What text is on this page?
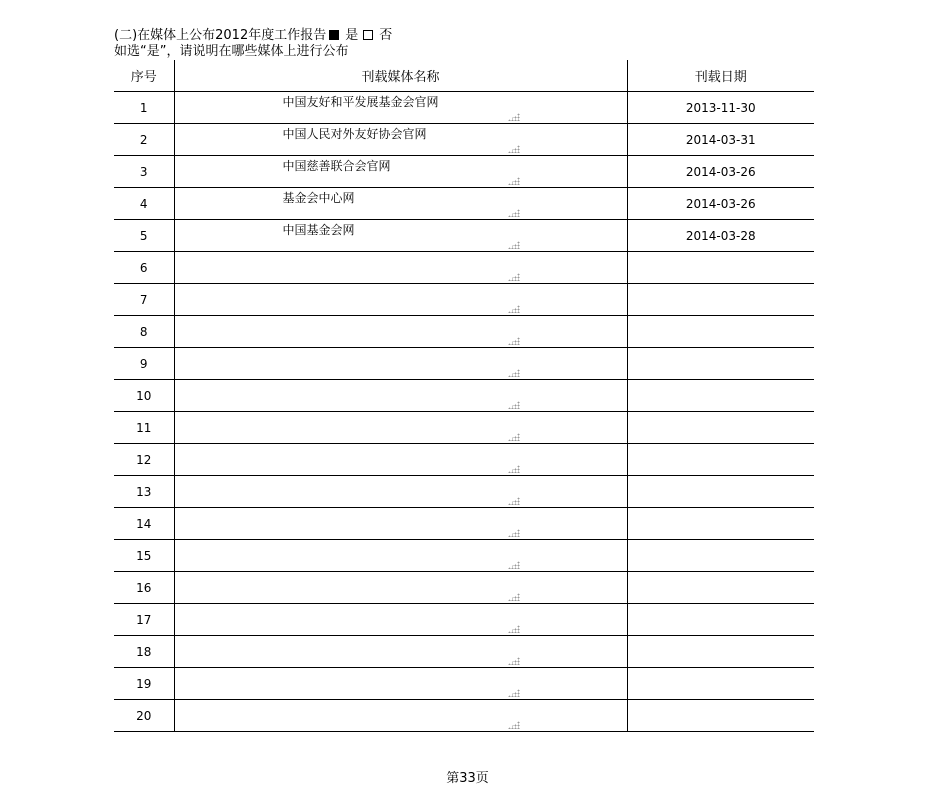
(二)在媒体上公布2012年度工作报告 是 否
如选“是”，请说明在哪些媒体上进行公布
序号	刊载媒体名称	刊载日期
1	中国友好和平发展基金会官网	2013-11-30
2	中国人民对外友好协会官网	2014-03-31
3	中国慈善联合会官网	2014-03-26
4	基金会中心网	2014-03-26
5	中国基金会网	2014-03-28
6	

7	

8	

9	

10	

11	

12	

13	

14	

15	

16	

17	

18	

19	

20	

第33页
